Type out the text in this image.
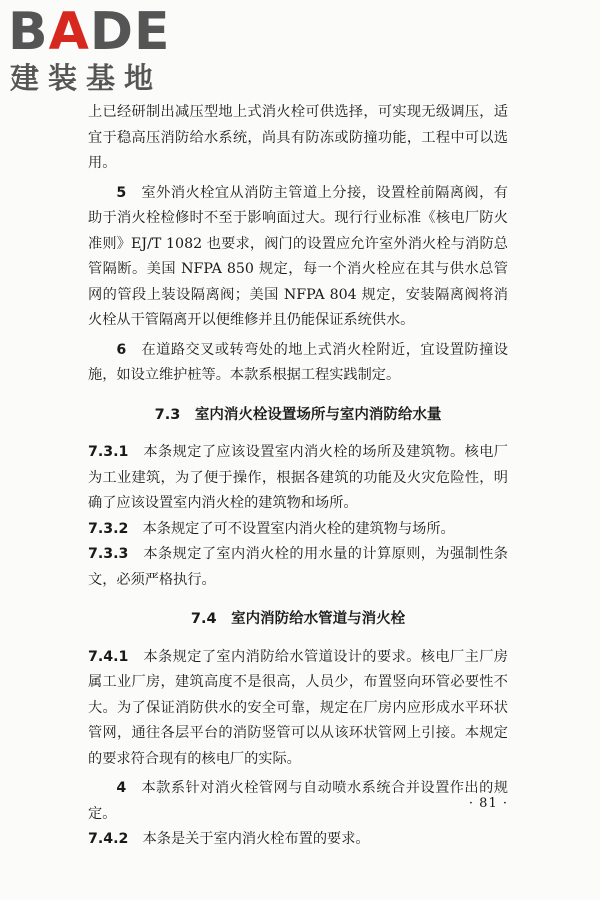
BADE
建装基地

上已经研制出减压型地上式消火栓可供选择，可实现无级调压，适宜于稳高压消防给水系统，尚具有防冻或防撞功能，工程中可以选用。

5　 室外消火栓宜从消防主管道上分接，设置栓前隔离阀，有助于消火栓检修时不至于影响面过大。现行行业标准《核电厂防火准则》EJ/T 1082 也要求，阀门的设置应允许室外消火栓与消防总管隔断。美国 NFPA 850 规定，每一个消火栓应在其与供水总管网的管段上装设隔离阀；美国 NFPA 804 规定，安装隔离阀将消火栓从干管隔离开以便维修并且仍能保证系统供水。

6　 在道路交叉或转弯处的地上式消火栓附近，宜设置防撞设施，如设立维护桩等。本款系根据工程实践制定。

7.3　室内消火栓设置场所与室内消防给水量

7.3.1　 本条规定了应该设置室内消火栓的场所及建筑物。核电厂为工业建筑，为了便于操作，根据各建筑的功能及火灾危险性，明确了应该设置室内消火栓的建筑物和场所。

7.3.2　 本条规定了可不设置室内消火栓的建筑物与场所。

7.3.3　 本条规定了室内消火栓的用水量的计算原则，为强制性条文，必须严格执行。

7.4　室内消防给水管道与消火栓

7.4.1　 本条规定了室内消防给水管道设计的要求。核电厂主厂房属工业厂房，建筑高度不是很高，人员少，布置竖向环管必要性不大。为了保证消防供水的安全可靠，规定在厂房内应形成水平环状管网，通往各层平台的消防竖管可以从该环状管网上引接。本规定的要求符合现有的核电厂的实际。

4　 本款系针对消火栓管网与自动喷水系统合并设置作出的规定。

7.4.2　 本条是关于室内消火栓布置的要求。

· 81 ·
